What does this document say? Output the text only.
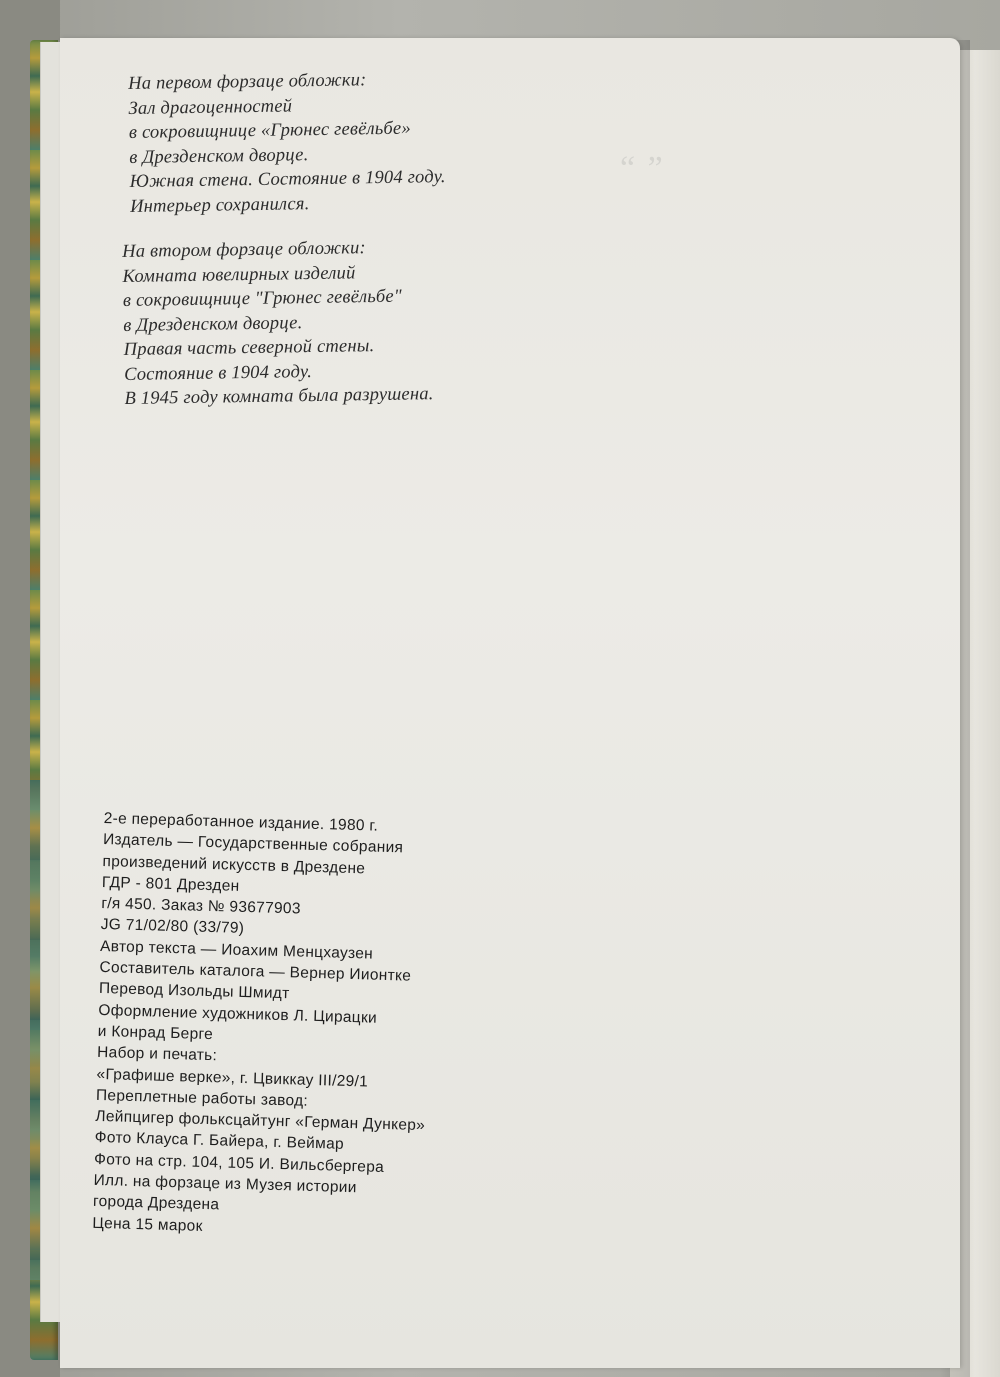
“ ”
На первом форзаце обложки:
Зал драгоценностей
в сокровищнице «Грюнес гевёльбе»
в Дрезденском дворце.
Южная стена. Состояние в 1904 году.
Интерьер сохранился.
На втором форзаце обложки:
Комната ювелирных изделий
в сокровищнице "Грюнес гевёльбе"
в Дрезденском дворце.
Правая часть северной стены.
Состояние в 1904 году.
В 1945 году комната была разрушена.
2-е переработанное издание. 1980 г.
Издатель — Государственные собрания
произведений искусств в Дрездене
ГДР - 801 Дрезден
г/я 450. Заказ № 93677903
JG 71/02/80 (33/79)
Автор текста — Иоахим Менцхаузен
Составитель каталога — Вернер Иионтке
Перевод Изольды Шмидт
Оформление художников Л. Цирацки
и Конрад Берге
Набор и печать:
«Графише верке», г. Цвиккау III/29/1
Переплетные работы завод:
Лейпцигер фольксцайтунг «Герман Дункер»
Фото Клауса Г. Байера, г. Веймар
Фото на стр. 104, 105 И. Вильсбергера
Илл. на форзаце из Музея истории
города Дрездена
Цена 15 марок
